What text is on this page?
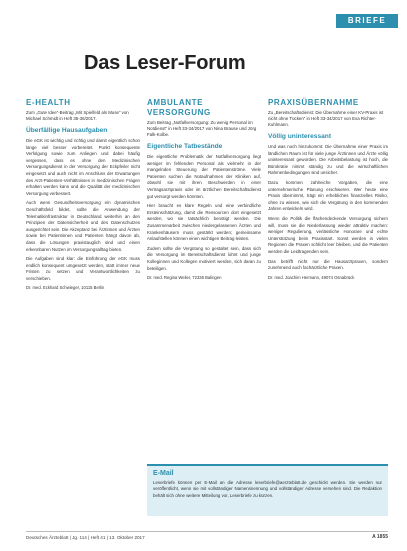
BRIEFE
Das Leser-Forum
E-HEALTH

Zum „Gute Idee“-Beitrag „Mit Spielfeld als Muse“ von Michael Schmidt in Heft 35-36/2017.

Überfällige Hausaufgaben

Die eGK ist wichtig und richtig und damit eigentlich schon lange viel besser vorbereitet. Punkt konsequente Verfolgung sowie zum Anliegen und dabei häufig vergessen, dass es ohne den Medizinischen Versorgungsdienst in der Versorgung der Eckpfeiler nicht eingesetzt und auch nicht im Anschluss der Erwartungen des Arzt-Patienten-Verhältnisses in medizinischen Fragen erhalten werden kann und die Qualität der medizinischen Versorgung verbessert.

Auch wenn Gesundheitsversorgung ein dynamisches Geschäftsfeld bildet, sollte die Anwendung der Telematikinfrastruktur in Deutschland weiterhin an den Prinzipien der Datensicherheit und des Datenschutzes ausgerichtet sein. Die Akzeptanz bei Ärztinnen und Ärzten sowie bei Patientinnen und Patienten hängt davon ab, dass die Lösungen praxistauglich sind und einen erkennbaren Nutzen im Versorgungsalltag bieten.

Die Aufgaben sind klar: die Einführung der eGK muss endlich konsequent umgesetzt werden, statt immer neue Fristen zu setzen und Verantwortlichkeiten zu verschieben.

Dr. med. Eckhard Schwieger, 10115 Berlin

AMBULANTE VERSORGUNG

Zum Beitrag „Notfallversorgung: Zu wenig Personal im Notdienst“ in Heft 33-34/2017 von Nina Brause und Jörg Falk-Kolbe.

Eigentliche Tatbestände

Die eigentliche Problematik der Notfallversorgung liegt weniger im fehlenden Personal als vielmehr in der mangelnden Steuerung der Patientenströme. Viele Patienten suchen die Notaufnahmen der Kliniken auf, obwohl sie mit ihren Beschwerden in einer Vertragsarztpraxis oder im ärztlichen Bereitschaftsdienst gut versorgt werden könnten.

Hier braucht es klare Regeln und eine verbindliche Ersteinschätzung, damit die Ressourcen dort eingesetzt werden, wo sie tatsächlich benötigt werden. Die Zusammenarbeit zwischen niedergelassenen Ärzten und Krankenhäusern muss gestärkt werden; gemeinsame Anlaufstellen können einen wichtigen Beitrag leisten.

Zudem sollte die Vergütung so gestaltet sein, dass sich die Versorgung im Bereitschaftsdienst lohnt und junge Kolleginnen und Kollegen motiviert werden, sich daran zu beteiligen.

Dr. med. Regina Weiler, 72336 Balingen

PRAXISÜBERNAHME

Zu „Bereitschaftsdienst: Die Übernahme einer KV-Praxis ist nicht ohne Tücken“ in Heft 33-34/2017 von Eva Richter-Kuhlmann.

Völlig uninteressant

Und was noch hinzukommt: Die Übernahme einer Praxis im ländlichen Raum ist für viele junge Ärztinnen und Ärzte völlig uninteressant geworden. Die Arbeitsbelastung ist hoch, die Bürokratie nimmt ständig zu und die wirtschaftlichen Rahmenbedingungen sind unsicher.

Dazu kommen zahlreiche Vorgaben, die eine unternehmerische Planung erschweren. Wer heute eine Praxis übernimmt, trägt ein erhebliches finanzielles Risiko, ohne zu wissen, wie sich die Vergütung in den kommenden Jahren entwickeln wird.

Wenn die Politik die flächendeckende Versorgung sichern will, muss sie die Niederlassung wieder attraktiv machen: weniger Regulierung, verlässliche Honorare und echte Unterstützung beim Praxisstart. Sonst werden in vielen Regionen die Praxen schlicht leer bleiben, und die Patienten werden die Leidtragenden sein.

Das betrifft nicht nur die Hausarztpraxen, sondern zunehmend auch fachärztliche Praxen.

Dr. med. Joachim Hermann, 49074 Osnabrück

E-Mail

Leserbriefe können per E-Mail an die Adresse leserbriefe@aerzteblatt.de geschickt werden. Sie werden nur veröffentlicht, wenn sie mit vollständiger Namensnennung und vollständiger Adresse versehen sind. Die Redaktion behält sich ohne weitere Mitteilung vor, Leserbriefe zu kürzen.

Deutsches Ärzteblatt | Jg. 114 | Heft 41 | 13. Oktober 2017	A 1855
